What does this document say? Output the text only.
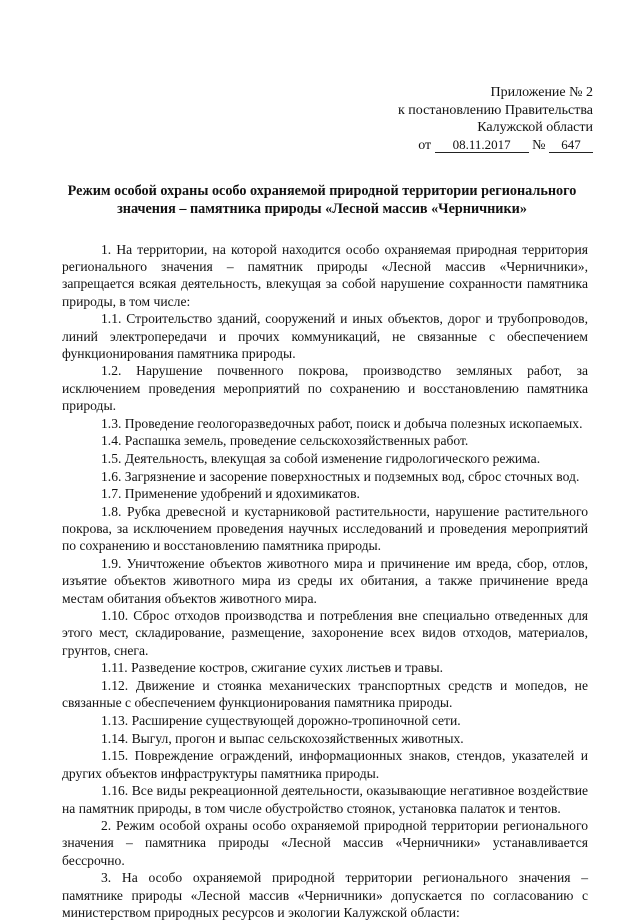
Приложение № 2
к постановлению Правительства
Калужской области
от 08.11.2017 № 647
Режим особой охраны особо охраняемой природной территории регионального
значения – памятника природы «Лесной массив «Черничники»

1. На территории, на которой находится особо охраняемая природная территория регионального значения – памятник природы «Лесной массив «Черничники», запрещается всякая деятельность, влекущая за собой нарушение сохранности памятника природы, в том числе:

1.1. Строительство зданий, сооружений и иных объектов, дорог и трубопроводов, линий электропередачи и прочих коммуникаций, не связанные с обеспечением функционирования памятника природы.

1.2. Нарушение почвенного покрова, производство земляных работ, за исключением проведения мероприятий по сохранению и восстановлению памятника природы.

1.3. Проведение геологоразведочных работ, поиск и добыча полезных ископаемых.

1.4. Распашка земель, проведение сельскохозяйственных работ.

1.5. Деятельность, влекущая за собой изменение гидрологического режима.

1.6. Загрязнение и засорение поверхностных и подземных вод, сброс сточных вод.

1.7. Применение удобрений и ядохимикатов.

1.8. Рубка древесной и кустарниковой растительности, нарушение растительного покрова, за исключением проведения научных исследований и проведения мероприятий по сохранению и восстановлению памятника природы.

1.9. Уничтожение объектов животного мира и причинение им вреда, сбор, отлов, изъятие объектов животного мира из среды их обитания, а также причинение вреда местам обитания объектов животного мира.

1.10. Сброс отходов производства и потребления вне специально отведенных для этого мест, складирование, размещение, захоронение всех видов отходов, материалов, грунтов, снега.

1.11. Разведение костров, сжигание сухих листьев и травы.

1.12. Движение и стоянка механических транспортных средств и мопедов, не связанные с обеспечением функционирования памятника природы.

1.13. Расширение существующей дорожно-тропиночной сети.

1.14. Выгул, прогон и выпас сельскохозяйственных животных.

1.15. Повреждение ограждений, информационных знаков, стендов, указателей и других объектов инфраструктуры памятника природы.

1.16. Все виды рекреационной деятельности, оказывающие негативное воздействие на памятник природы, в том числе обустройство стоянок, установка палаток и тентов.

2. Режим особой охраны особо охраняемой природной территории регионального значения – памятника природы «Лесной массив «Черничники» устанавливается бессрочно.

3. На особо охраняемой природной территории регионального значения – памятнике природы «Лесной массив «Черничники» допускается по согласованию с министерством природных ресурсов и экологии Калужской области:
